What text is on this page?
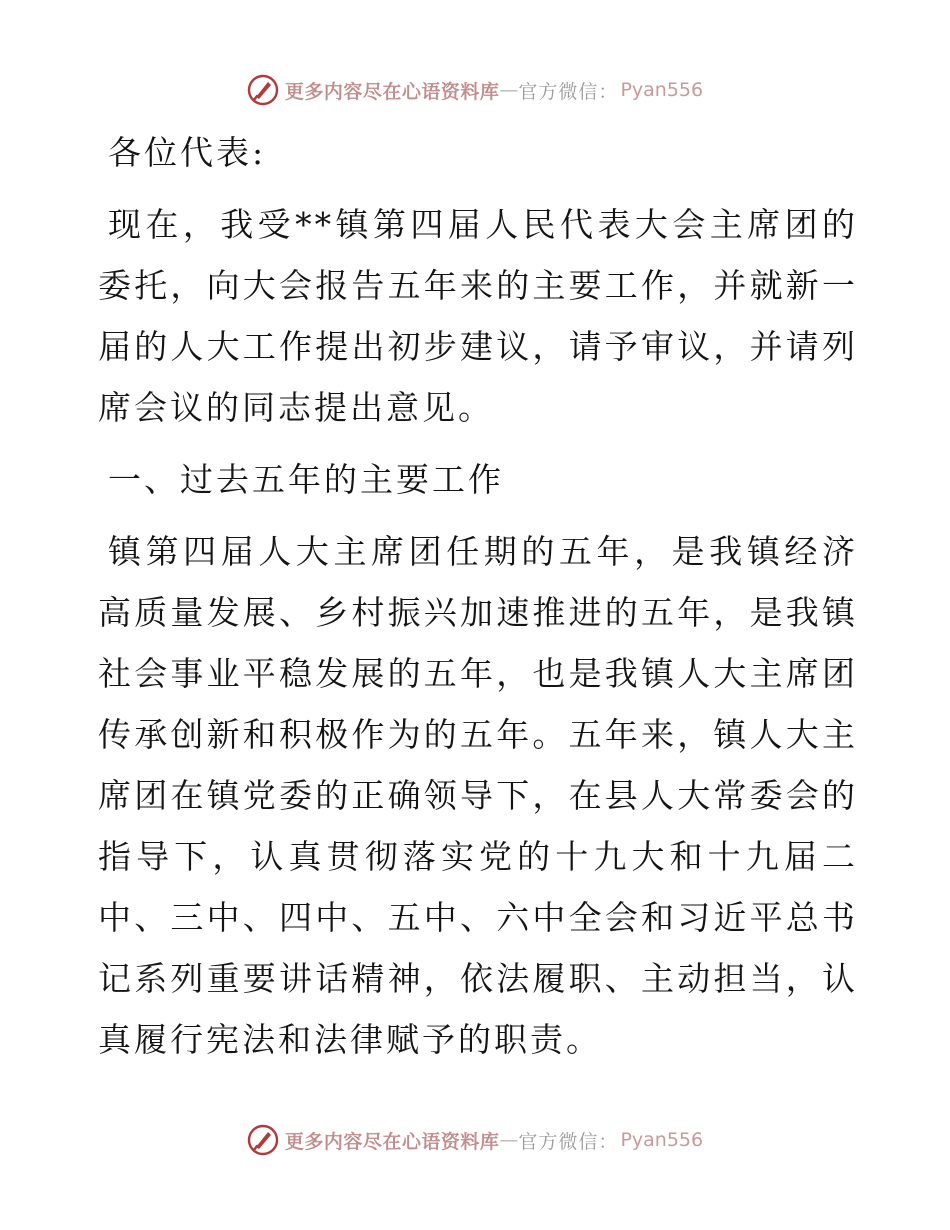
更多内容尽在心语资料库 — 官方微信： Pyan556

各位代表:

现在，我受**镇第四届人民代表大会主席团的委托，向大会报告五年来的主要工作，并就新一届的人大工作提出初步建议，请予审议，并请列席会议的同志提出意见。

一、过去五年的主要工作

镇第四届人大主席团任期的五年，是我镇经济高质量发展、乡村振兴加速推进的五年，是我镇社会事业平稳发展的五年，也是我镇人大主席团传承创新和积极作为的五年。五年来，镇人大主席团在镇党委的正确领导下，在县人大常委会的指导下，认真贯彻落实党的十九大和十九届二中、三中、四中、五中、六中全会和习近平总书记系列重要讲话精神，依法履职、主动担当，认真履行宪法和法律赋予的职责。

更多内容尽在心语资料库 — 官方微信： Pyan556
